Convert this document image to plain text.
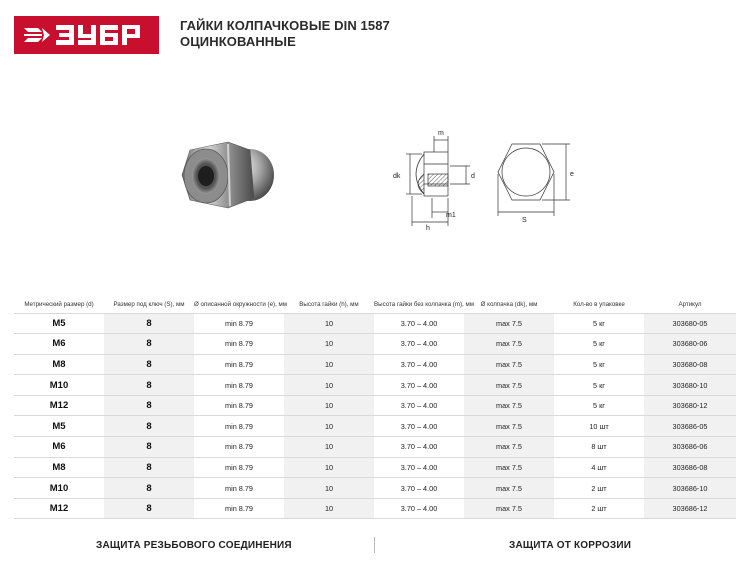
ГАЙКИ КОЛПАЧКОВЫЕ DIN 1587
ОЦИНКОВАННЫЕ
m
dk	d
m1
h
e
S
Метрический размер (d)	Размер под ключ (S), мм	Ø описанной окружности (e), мм	Высота гайки (h), мм	Высота гайки без колпачка (m), мм	Ø колпачка (dk), мм	Кол-во в упаковке	Артикул
M5	8	min 8.79	10	3.70 – 4.00	max 7.5	5 кг	303680-05
M6	8	min 8.79	10	3.70 – 4.00	max 7.5	5 кг	303680-06
M8	8	min 8.79	10	3.70 – 4.00	max 7.5	5 кг	303680-08
M10	8	min 8.79	10	3.70 – 4.00	max 7.5	5 кг	303680-10
M12	8	min 8.79	10	3.70 – 4.00	max 7.5	5 кг	303680-12
M5	8	min 8.79	10	3.70 – 4.00	max 7.5	10 шт	303686-05
M6	8	min 8.79	10	3.70 – 4.00	max 7.5	8 шт	303686-06
M8	8	min 8.79	10	3.70 – 4.00	max 7.5	4 шт	303686-08
M10	8	min 8.79	10	3.70 – 4.00	max 7.5	2 шт	303686-10
M12	8	min 8.79	10	3.70 – 4.00	max 7.5	2 шт	303686-12
ЗАЩИТА РЕЗЬБОВОГО СОЕДИНЕНИЯ	ЗАЩИТА ОТ КОРРОЗИИ
